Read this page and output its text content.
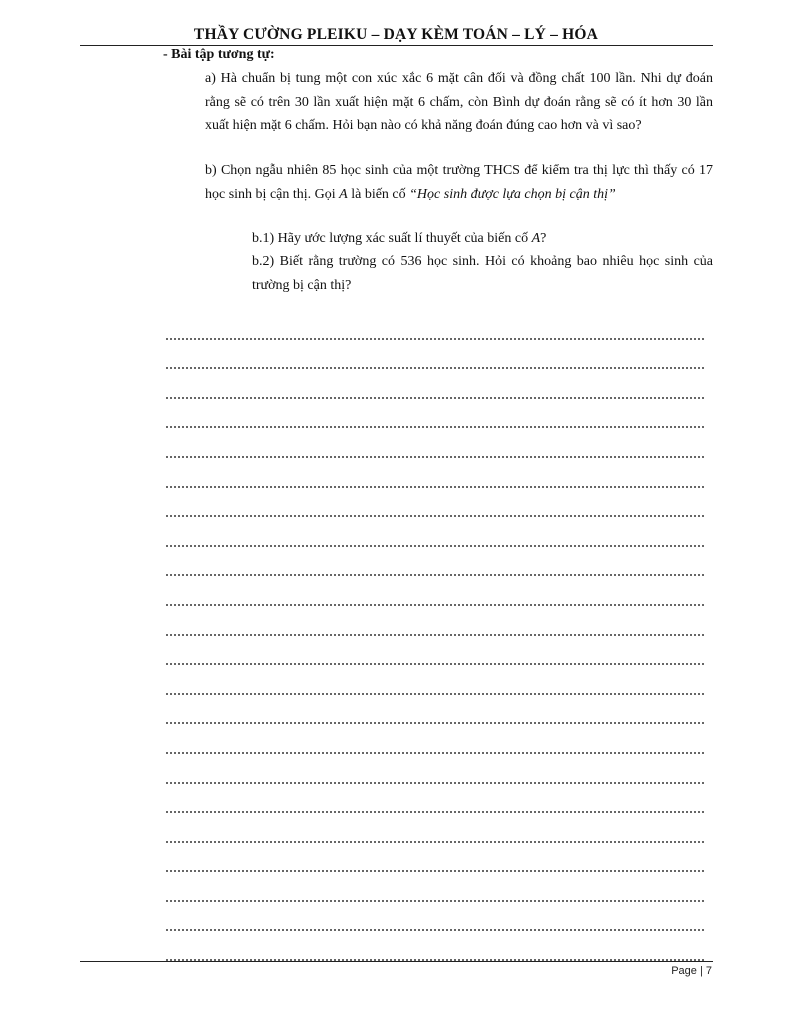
THẦY CƯỜNG PLEIKU – DẠY KÈM TOÁN – LÝ – HÓA
- Bài tập tương tự:
a) Hà chuẩn bị tung một con xúc xắc 6 mặt cân đối và đồng chất 100 lần. Nhi dự đoán rằng sẽ có trên 30 lần xuất hiện mặt 6 chấm, còn Bình dự đoán rằng sẽ có ít hơn 30 lần xuất hiện mặt 6 chấm. Hỏi bạn nào có khả năng đoán đúng cao hơn và vì sao?
b) Chọn ngẫu nhiên 85 học sinh của một trường THCS để kiểm tra thị lực thì thấy có 17 học sinh bị cận thị. Gọi A là biến cố “Học sinh được lựa chọn bị cận thị”
b.1) Hãy ước lượng xác suất lí thuyết của biến cố A?
b.2) Biết rằng trường có 536 học sinh. Hỏi có khoảng bao nhiêu học sinh của trường bị cận thị?
Page | 7
